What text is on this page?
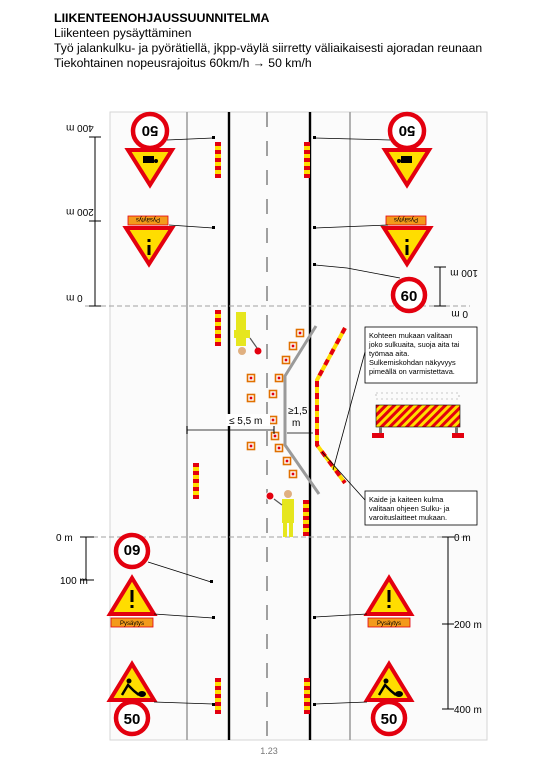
LIIKENTEENOHJAUSSUUNNITELMA
Liikenteen pysäyttäminen
Työ jalankulku- ja pyörätiellä, jkpp-väylä siirretty väliaikaisesti ajoradan reunaan
Tiekohtainen nopeusrajoitus 60km/h → 50 km/h
400 m
200 m
0 m
100 m
0 m
0 m
100 m
0 m
200 m
400 m
50	50
Pysäytys	Pysäytys
60
≤ 5,5 m
≥1,5
m
Kohteen mukaan valitaan
joko sulkuaita, suoja aita tai
työmaa aita.
Sulkemiskohdan näkyvyys
pimeällä on varmistettava.
Kaide ja kaiteen kulma
valitaan ohjeen Sulku- ja
varoituslaitteet mukaan.
60
Pysäytys	Pysäytys
50	50
1.23
